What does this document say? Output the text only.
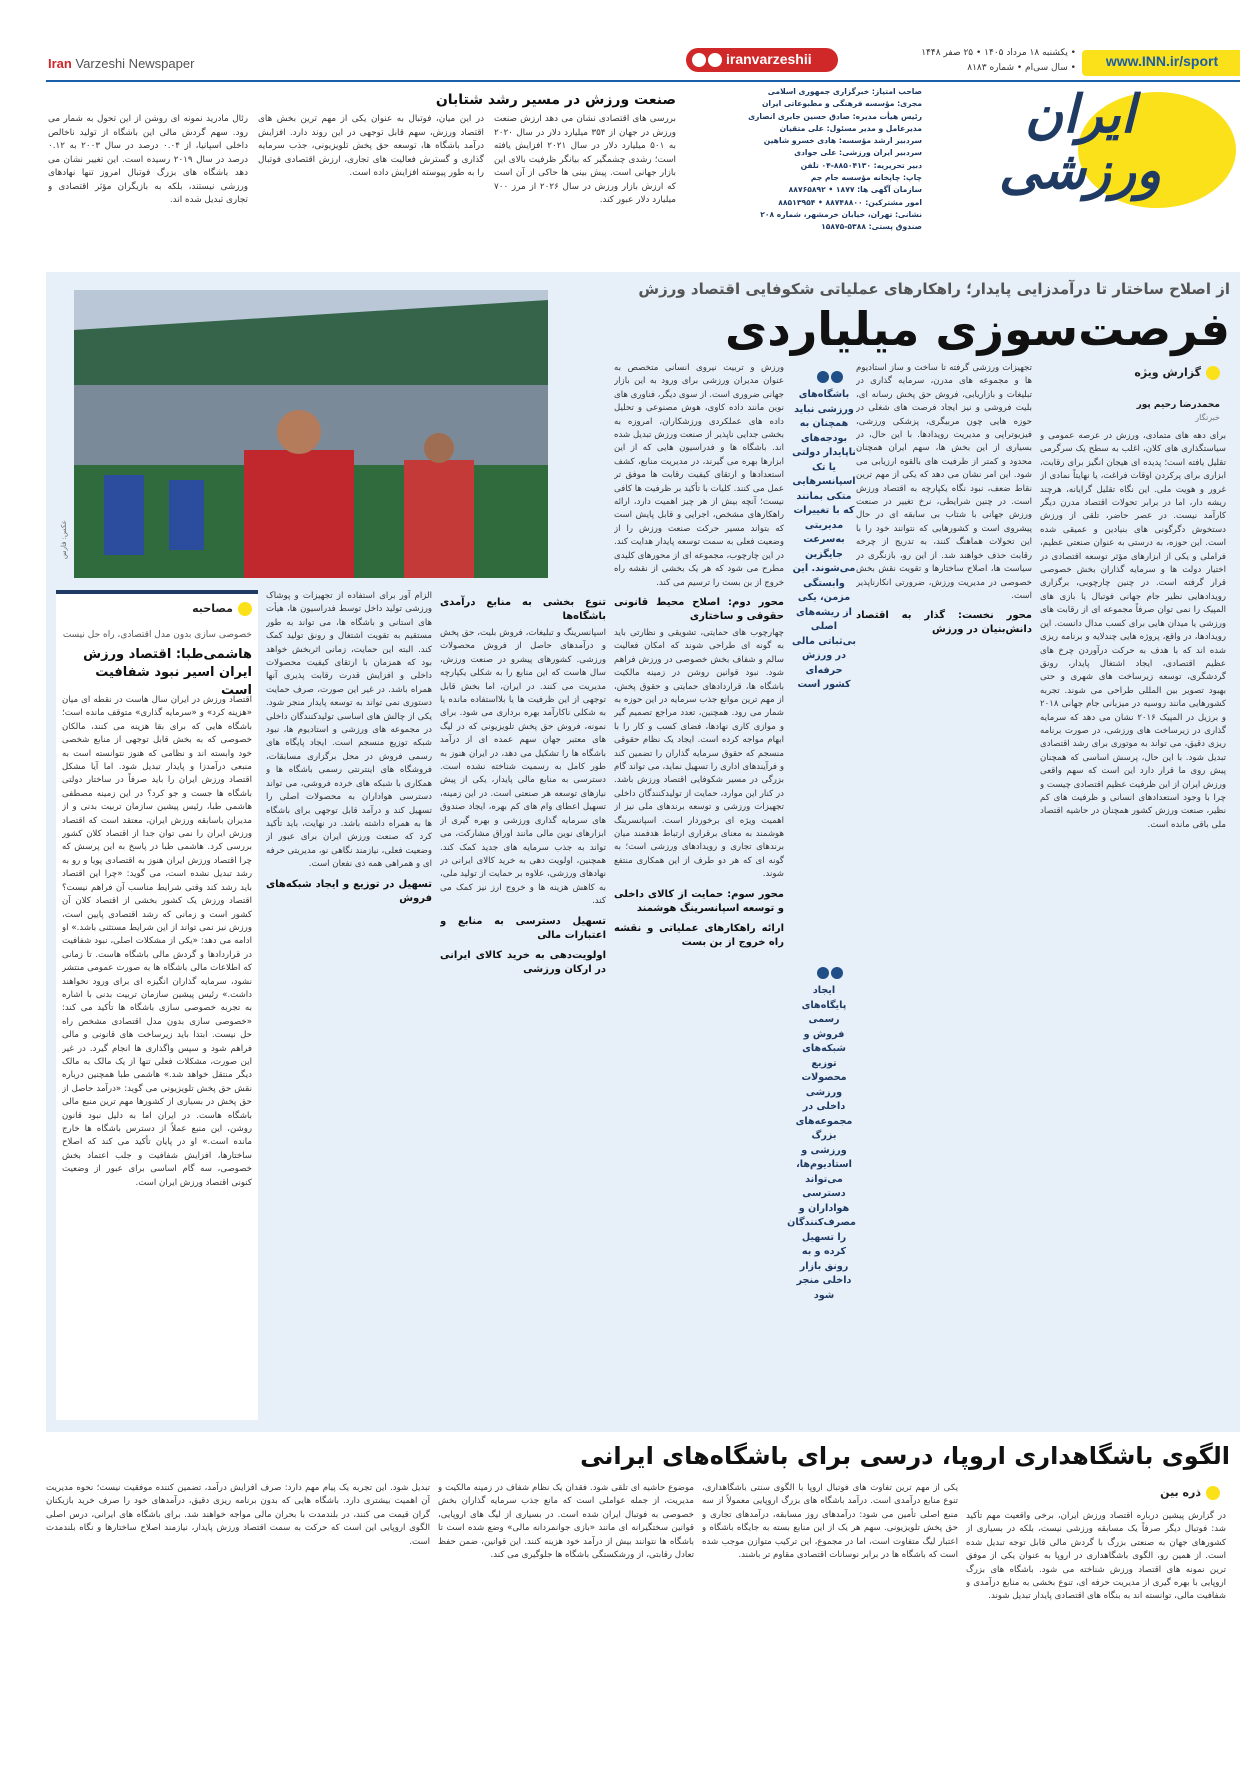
www.INN.ir/sport
• یکشنبه ۱۸ مرداد ۱۴۰۵ • ۲۵ صفر ۱۴۴۸
• سال سی‌ام • شماره ۸۱۸۳
iranvarzeshii
Iran Varzeshi Newspaper
ایران
ورزشی
صاحب امتیاز: خبرگزاری جمهوری اسلامی
مجری: مؤسسه فرهنگی و مطبوعاتی ایران
رئیس هیأت مدیره: صادق حسین جابری انصاری
مدیرعامل و مدیر مسئول: علی متقیان
سردبیر ارشد مؤسسه: هادی خسرو شاهین
سردبیر ایران ورزشی: علی جوادی
دبیر تحریریه: ۸۸۵۰۴۱۳۰-۰۴ تلفن
چاپ: چاپخانه مؤسسه جام جم
سازمان آگهی ها: ۱۸۷۷ • ۸۸۷۶۵۸۹۲
امور مشترکین: ۸۸۷۴۸۸۰۰ • ۸۸۵۱۳۹۵۴
نشانی: تهران، خیابان خرمشهر، شماره ۲۰۸
صندوق پستی: ۵۳۸۸-۱۵۸۷۵
صنعت ورزش در مسیر رشد شتابان
بررسی های اقتصادی نشان می دهد ارزش صنعت ورزش در جهان از ۳۵۴ میلیارد دلار در سال ۲۰۲۰ به ۵۰۱ میلیارد دلار در سال ۲۰۲۱ افزایش یافته است؛ رشدی چشمگیر که بیانگر ظرفیت بالای این بازار جهانی است. پیش بینی ها حاکی از آن است که ارزش بازار ورزش در سال ۲۰۲۶ از مرز ۷۰۰ میلیارد دلار عبور کند.
در این میان، فوتبال به عنوان یکی از مهم ترین بخش های اقتصاد ورزش، سهم قابل توجهی در این روند دارد. افزایش درآمد باشگاه ها، توسعه حق پخش تلویزیونی، جذب سرمایه گذاری و گسترش فعالیت های تجاری، ارزش اقتصادی فوتبال را به طور پیوسته افزایش داده است.
رئال مادرید نمونه ای روشن از این تحول به شمار می رود. سهم گردش مالی این باشگاه از تولید ناخالص داخلی اسپانیا، از ۰.۰۴ درصد در سال ۲۰۰۳ به ۰.۱۲ درصد در سال ۲۰۱۹ رسیده است. این تغییر نشان می دهد باشگاه های بزرگ فوتبال امروز تنها نهادهای ورزشی نیستند، بلکه به بازیگران مؤثر اقتصادی و تجاری تبدیل شده اند.
از اصلاح ساختار تا درآمدزایی پایدار؛ راهکارهای عملیاتی شکوفایی اقتصاد ورزش
فرصت‌سوزی میلیاردی
عکس: فارس
گزارش ویژه
محمدرضا رحیم پور
خبرنگار
برای دهه های متمادی، ورزش در عرصه عمومی و سیاستگذاری های کلان، اغلب به سطح یک سرگرمی تقلیل یافته است؛ پدیده ای هیجان انگیز برای رقابت، ابزاری برای پرکردن اوقات فراغت، یا نهایتاً نمادی از غرور و هویت ملی. این نگاه تقلیل گرایانه، هرچند ریشه دار، اما در برابر تحولات اقتصاد مدرن دیگر کارآمد نیست. در عصر حاضر، تلقی از ورزش دستخوش دگرگونی های بنیادین و عمیقی شده است. این حوزه، به درستی به عنوان صنعتی عظیم، فراملی و یکی از ابزارهای مؤثر توسعه اقتصادی در اختیار دولت ها و سرمایه گذاران بخش خصوصی قرار گرفته است. در چنین چارچوبی، برگزاری رویدادهایی نظیر جام جهانی فوتبال یا بازی های المپیک را نمی توان صرفاً مجموعه ای از رقابت های ورزشی یا میدان هایی برای کسب مدال دانست. این رویدادها، در واقع، پروژه هایی چندلایه و برنامه ریزی شده اند که با هدف به حرکت درآوردن چرخ های عظیم اقتصادی، ایجاد اشتغال پایدار، رونق گردشگری، توسعه زیرساخت های شهری و حتی بهبود تصویر بین المللی طراحی می شوند. تجربه کشورهایی مانند روسیه در میزبانی جام جهانی ۲۰۱۸ و برزیل در المپیک ۲۰۱۶ نشان می دهد که سرمایه گذاری در زیرساخت های ورزشی، در صورت برنامه ریزی دقیق، می تواند به موتوری برای رشد اقتصادی تبدیل شود. با این حال، پرسش اساسی که همچنان پیش روی ما قرار دارد این است که سهم واقعی ورزش ایران از این ظرفیت عظیم اقتصادی چیست و چرا با وجود استعدادهای انسانی و ظرفیت های کم نظیر، صنعت ورزش کشور همچنان در حاشیه اقتصاد ملی باقی مانده است.
تجهیزات ورزشی گرفته تا ساخت و ساز استادیوم ها و مجموعه های مدرن، سرمایه گذاری در تبلیغات و بازاریابی، فروش حق پخش رسانه ای، بلیت فروشی و نیز ایجاد فرصت های شغلی در حوزه هایی چون مربیگری، پزشکی ورزشی، فیزیوتراپی و مدیریت رویدادها. با این حال، در بسیاری از این بخش ها، سهم ایران همچنان محدود و کمتر از ظرفیت های بالقوه ارزیابی می شود. این امر نشان می دهد که یکی از مهم ترین نقاط ضعف، نبود نگاه یکپارچه به اقتصاد ورزش است. در چنین شرایطی، نرخ تغییر در صنعت ورزش جهانی با شتاب بی سابقه ای در حال پیشروی است و کشورهایی که نتوانند خود را با این تحولات هماهنگ کنند، به تدریج از چرخه رقابت حذف خواهند شد. از این رو، بازنگری در سیاست ها، اصلاح ساختارها و تقویت نقش بخش خصوصی در مدیریت ورزش، ضرورتی انکارناپذیر است.
محور نخست: گذار به اقتصاد دانش‌بنیان در ورزش
باشگاه‌های ورزشی نباید همچنان به بودجه‌های ناپایدار دولتی یا تک اسپانسرهایی متکی بمانند که با تغییرات مدیریتی به‌سرعت جایگزین می‌شوند. این وابستگی مزمن، یکی از ریشه‌های اصلی بی‌ثباتی مالی در ورزش حرفه‌ای کشور است
ایجاد پایگاه‌های رسمی فروش و شبکه‌های توزیع محصولات ورزشی داخلی در مجموعه‌های بزرگ ورزشی و استادیوم‌ها، می‌تواند دسترسی هواداران و مصرف‌کنندگان را تسهیل کرده و به رونق بازار داخلی منجر شود
ورزش و تربیت نیروی انسانی متخصص به عنوان مدیران ورزشی برای ورود به این بازار جهانی ضروری است. از سوی دیگر، فناوری های نوین مانند داده کاوی، هوش مصنوعی و تحلیل داده های عملکردی ورزشکاران، امروزه به بخشی جدایی ناپذیر از صنعت ورزش تبدیل شده اند. باشگاه ها و فدراسیون هایی که از این ابزارها بهره می گیرند، در مدیریت منابع، کشف استعدادها و ارتقای کیفیت رقابت ها موفق تر عمل می کنند. کلیات با تأکید بر ظرفیت ها کافی نیست؛ آنچه بیش از هر چیز اهمیت دارد، ارائه راهکارهای مشخص، اجرایی و قابل پایش است که بتواند مسیر حرکت صنعت ورزش را از وضعیت فعلی به سمت توسعه پایدار هدایت کند. در این چارچوب، مجموعه ای از محورهای کلیدی مطرح می شود که هر یک بخشی از نقشه راه خروج از بن بست را ترسیم می کند.
محور دوم: اصلاح محیط قانونی حقوقی و ساختاری
چهارچوب های حمایتی، تشویقی و نظارتی باید به گونه ای طراحی شوند که امکان فعالیت سالم و شفاف بخش خصوصی در ورزش فراهم شود. نبود قوانین روشن در زمینه مالکیت باشگاه ها، قراردادهای حمایتی و حقوق پخش، از مهم ترین موانع جذب سرمایه در این حوزه به شمار می رود. همچنین، تعدد مراجع تصمیم گیر و موازی کاری نهادها، فضای کسب و کار را با ابهام مواجه کرده است. ایجاد یک نظام حقوقی منسجم که حقوق سرمایه گذاران را تضمین کند و فرآیندهای اداری را تسهیل نماید، می تواند گام بزرگی در مسیر شکوفایی اقتصاد ورزش باشد. در کنار این موارد، حمایت از تولیدکنندگان داخلی تجهیزات ورزشی و توسعه برندهای ملی نیز از اهمیت ویژه ای برخوردار است. اسپانسرینگ هوشمند به معنای برقراری ارتباط هدفمند میان برندهای تجاری و رویدادهای ورزشی است؛ به گونه ای که هر دو طرف از این همکاری منتفع شوند.
محور سوم: حمایت از کالای داخلی و توسعه اسپانسرینگ هوشمند
ارائه راهکارهای عملیاتی و نقشه راه خروج از بن بست
تنوع بخشی به منابع درآمدی باشگاه‌ها
اسپانسرینگ و تبلیغات، فروش بلیت، حق پخش و درآمدهای حاصل از فروش محصولات ورزشی. کشورهای پیشرو در صنعت ورزش، سال هاست که این منابع را به شکلی یکپارچه مدیریت می کنند. در ایران، اما بخش قابل توجهی از این ظرفیت ها یا بلااستفاده مانده یا به شکلی ناکارآمد بهره برداری می شود. برای نمونه، فروش حق پخش تلویزیونی که در لیگ های معتبر جهان سهم عمده ای از درآمد باشگاه ها را تشکیل می دهد، در ایران هنوز به طور کامل به رسمیت شناخته نشده است. دسترسی به منابع مالی پایدار، یکی از پیش نیازهای توسعه هر صنعتی است. در این زمینه، تسهیل اعطای وام های کم بهره، ایجاد صندوق های سرمایه گذاری ورزشی و بهره گیری از ابزارهای نوین مالی مانند اوراق مشارکت، می تواند به جذب سرمایه های جدید کمک کند. همچنین، اولویت دهی به خرید کالای ایرانی در نهادهای ورزشی، علاوه بر حمایت از تولید ملی، به کاهش هزینه ها و خروج ارز نیز کمک می کند.
تسهیل دسترسی به منابع و اعتبارات مالی
اولویت‌دهی به خرید کالای ایرانی در ارکان ورزشی
الزام آور برای استفاده از تجهیزات و پوشاک ورزشی تولید داخل توسط فدراسیون ها، هیأت های استانی و باشگاه ها، می تواند به طور مستقیم به تقویت اشتغال و رونق تولید کمک کند. البته این حمایت، زمانی اثربخش خواهد بود که همزمان با ارتقای کیفیت محصولات داخلی و افزایش قدرت رقابت پذیری آنها همراه باشد. در غیر این صورت، صرف حمایت دستوری نمی تواند به توسعه پایدار منجر شود. یکی از چالش های اساسی تولیدکنندگان داخلی در مجموعه های ورزشی و استادیوم ها، نبود شبکه توزیع منسجم است. ایجاد پایگاه های رسمی فروش در محل برگزاری مسابقات، فروشگاه های اینترنتی رسمی باشگاه ها و همکاری با شبکه های خرده فروشی، می تواند دسترسی هواداران به محصولات اصلی را تسهیل کند و درآمد قابل توجهی برای باشگاه ها به همراه داشته باشد. در نهایت، باید تأکید کرد که صنعت ورزش ایران برای عبور از وضعیت فعلی، نیازمند نگاهی نو، مدیریتی حرفه ای و همراهی همه ذی نفعان است.
تسهیل در توزیع و ایجاد شبکه‌های فروش
مصاحبه
خصوصی سازی بدون مدل اقتصادی، راه حل نیست
هاشمی‌طبا: اقتصاد ورزش ایران اسیر نبود شفافیت است
اقتصاد ورزش در ایران سال هاست در نقطه ای میان «هزینه کرد» و «سرمایه گذاری» متوقف مانده است؛ باشگاه هایی که برای بقا هزینه می کنند، مالکان خصوصی که به بخش قابل توجهی از منابع شخصی خود وابسته اند و نظامی که هنوز نتوانسته است به منبعی درآمدزا و پایدار تبدیل شود. اما آیا مشکل اقتصاد ورزش ایران را باید صرفاً در ساختار دولتی باشگاه ها جست و جو کرد؟ در این زمینه مصطفی هاشمی طبا، رئیس پیشین سازمان تربیت بدنی و از مدیران باسابقه ورزش ایران، معتقد است که اقتصاد ورزش ایران را نمی توان جدا از اقتصاد کلان کشور بررسی کرد. هاشمی طبا در پاسخ به این پرسش که چرا اقتصاد ورزش ایران هنوز به اقتصادی پویا و رو به رشد تبدیل نشده است، می گوید: «چرا این اقتصاد باید رشد کند وقتی شرایط مناسب آن فراهم نیست؟ اقتصاد ورزش یک کشور بخشی از اقتصاد کلان آن کشور است و زمانی که رشد اقتصادی پایین است، ورزش نیز نمی تواند از این شرایط مستثنی باشد.» او ادامه می دهد: «یکی از مشکلات اصلی، نبود شفافیت در قراردادها و گردش مالی باشگاه هاست. تا زمانی که اطلاعات مالی باشگاه ها به صورت عمومی منتشر نشود، سرمایه گذاران انگیزه ای برای ورود نخواهند داشت.» رئیس پیشین سازمان تربیت بدنی با اشاره به تجربه خصوصی سازی باشگاه ها تأکید می کند: «خصوصی سازی بدون مدل اقتصادی مشخص راه حل نیست. ابتدا باید زیرساخت های قانونی و مالی فراهم شود و سپس واگذاری ها انجام گیرد. در غیر این صورت، مشکلات فعلی تنها از یک مالک به مالک دیگر منتقل خواهد شد.» هاشمی طبا همچنین درباره نقش حق پخش تلویزیونی می گوید: «درآمد حاصل از حق پخش در بسیاری از کشورها مهم ترین منبع مالی باشگاه هاست. در ایران اما به دلیل نبود قانون روشن، این منبع عملاً از دسترس باشگاه ها خارج مانده است.» او در پایان تأکید می کند که اصلاح ساختارها، افزایش شفافیت و جلب اعتماد بخش خصوصی، سه گام اساسی برای عبور از وضعیت کنونی اقتصاد ورزش ایران است.
الگوی باشگاهداری اروپا، درسی برای باشگاه‌های ایرانی
ذره بین
در گزارش پیشین درباره اقتصاد ورزش ایران، برخی واقعیت مهم تأکید شد: فوتبال دیگر صرفاً یک مسابقه ورزشی نیست، بلکه در بسیاری از کشورهای جهان به صنعتی بزرگ با گردش مالی قابل توجه تبدیل شده است. از همین رو، الگوی باشگاهداری در اروپا به عنوان یکی از موفق ترین نمونه های اقتصاد ورزش شناخته می شود. باشگاه های بزرگ اروپایی با بهره گیری از مدیریت حرفه ای، تنوع بخشی به منابع درآمدی و شفافیت مالی، توانسته اند به بنگاه های اقتصادی پایدار تبدیل شوند.
یکی از مهم ترین تفاوت های فوتبال اروپا با الگوی سنتی باشگاهداری، تنوع منابع درآمدی است. درآمد باشگاه های بزرگ اروپایی معمولاً از سه منبع اصلی تأمین می شود: درآمدهای روز مسابقه، درآمدهای تجاری و حق پخش تلویزیونی. سهم هر یک از این منابع بسته به جایگاه باشگاه و اعتبار لیگ متفاوت است، اما در مجموع، این ترکیب متوازن موجب شده است که باشگاه ها در برابر نوسانات اقتصادی مقاوم تر باشند.
موضوع حاشیه ای تلقی شود. فقدان یک نظام شفاف در زمینه مالکیت و مدیریت، از جمله عواملی است که مانع جذب سرمایه گذاران بخش خصوصی به فوتبال ایران شده است. در بسیاری از لیگ های اروپایی، قوانین سختگیرانه ای مانند «بازی جوانمردانه مالی» وضع شده است تا باشگاه ها نتوانند بیش از درآمد خود هزینه کنند. این قوانین، ضمن حفظ تعادل رقابتی، از ورشکستگی باشگاه ها جلوگیری می کند.
تبدیل شود. این تجربه یک پیام مهم دارد: صرف افزایش درآمد، تضمین کننده موفقیت نیست؛ نحوه مدیریت آن اهمیت بیشتری دارد. باشگاه هایی که بدون برنامه ریزی دقیق، درآمدهای خود را صرف خرید بازیکنان گران قیمت می کنند، در بلندمدت با بحران مالی مواجه خواهند شد. برای باشگاه های ایرانی، درس اصلی الگوی اروپایی این است که حرکت به سمت اقتصاد ورزش پایدار، نیازمند اصلاح ساختارها و نگاه بلندمدت است.
